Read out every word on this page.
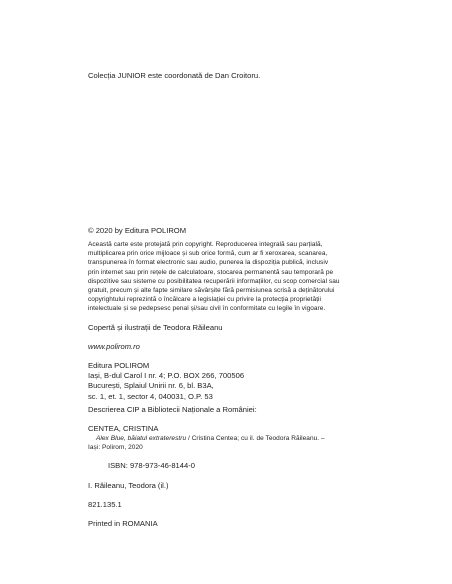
Colecția JUNIOR este coordonată de Dan Croitoru.

© 2020 by Editura POLIROM

Această carte este protejată prin copyright. Reproducerea integrală sau parțială,

multiplicarea prin orice mijloace și sub orice formă, cum ar fi xeroxarea, scanarea,

transpunerea în format electronic sau audio, punerea la dispoziția publică, inclusiv

prin internet sau prin rețele de calculatoare, stocarea permanentă sau temporară pe

dispozitive sau sisteme cu posibilitatea recuperării informațiilor, cu scop comercial sau

gratuit, precum și alte fapte similare săvârșite fără permisiunea scrisă a deținătorului

copyrightului reprezintă o încălcare a legislației cu privire la protecția proprietății

intelectuale și se pedepsesc penal și/sau civil în conformitate cu legile în vigoare.

Copertă și ilustrații de Teodora Răileanu

www.polirom.ro

Editura POLIROM

Iași, B-dul Carol I nr. 4; P.O. BOX 266, 700506

București, Splaiul Unirii nr. 6, bl. B3A,

sc. 1, et. 1, sector 4, 040031, O.P. 53

Descrierea CIP a Bibliotecii Naționale a României:

CENTEA, CRISTINA

Alex Blue, băiatul extraterestru / Cristina Centea; cu il. de Teodora Răileanu. –

Iași: Polirom, 2020

ISBN: 978-973-46-8144-0

I. Răileanu, Teodora (il.)

821.135.1

Printed in ROMANIA
